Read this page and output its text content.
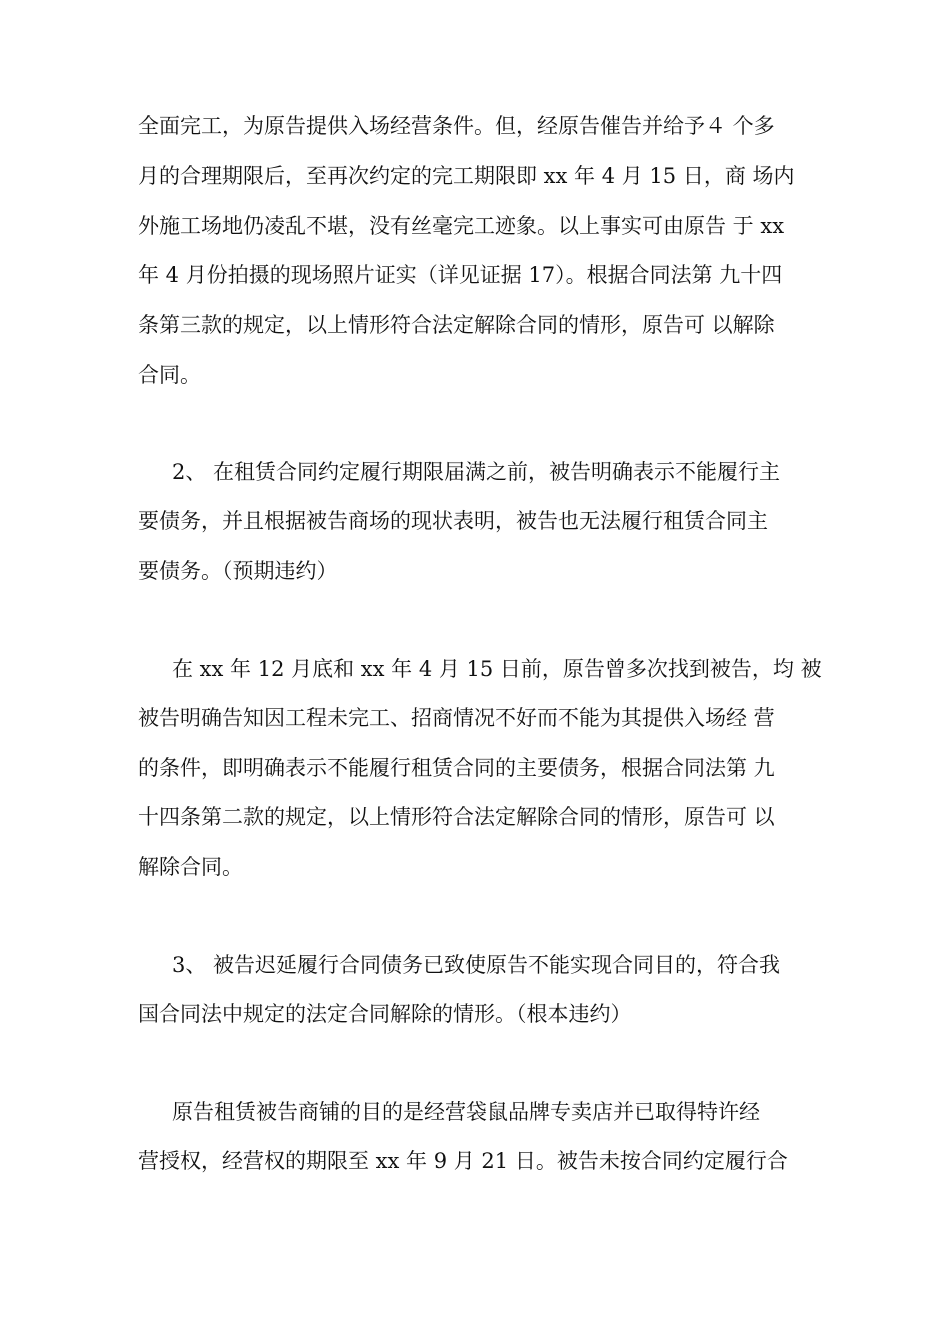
全面完工，为原告提供入场经营条件。但，经原告催告并给予４ 个多
月的合理期限后，至再次约定的完工期限即 xx 年 4 月 15 日，商 场内
外施工场地仍凌乱不堪，没有丝毫完工迹象。以上事实可由原告 于 xx
年 4 月份拍摄的现场照片证实（详见证据 17）。根据合同法第 九十四
条第三款的规定，以上情形符合法定解除合同的情形，原告可 以解除
合同。
2、 在租赁合同约定履行期限届满之前，被告明确表示不能履行主
要债务，并且根据被告商场的现状表明，被告也无法履行租赁合同主
要债务。（预期违约）
在 xx 年 12 月底和 xx 年 4 月 15 日前，原告曾多次找到被告，均 被
被告明确告知因工程未完工、招商情况不好而不能为其提供入场经 营
的条件，即明确表示不能履行租赁合同的主要债务，根据合同法第 九
十四条第二款的规定，以上情形符合法定解除合同的情形，原告可 以
解除合同。
3、 被告迟延履行合同债务已致使原告不能实现合同目的，符合我
国合同法中规定的法定合同解除的情形。（根本违约）
原告租赁被告商铺的目的是经营袋鼠品牌专卖店并已取得特许经
营授权，经营权的期限至 xx 年 9 月 21 日。被告未按合同约定履行合
